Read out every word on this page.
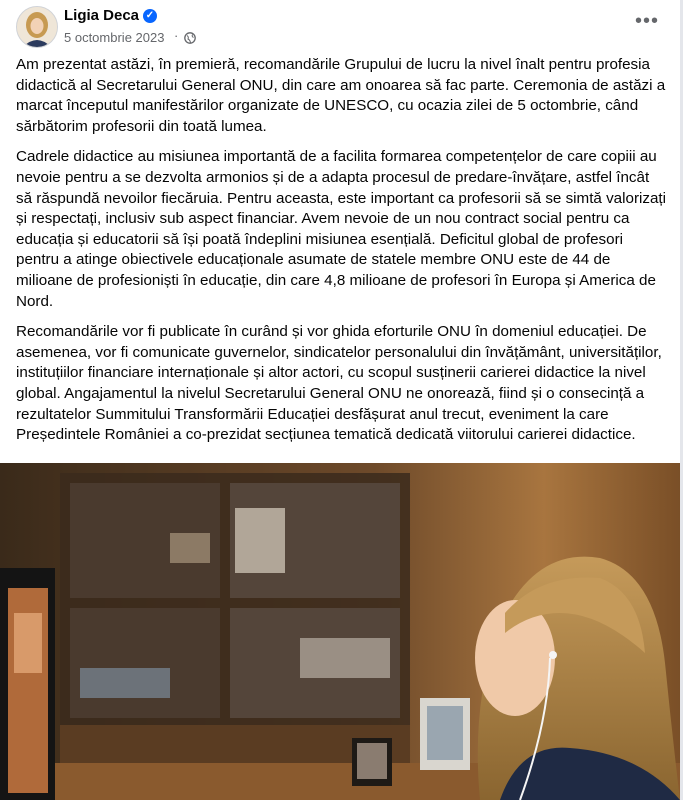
Ligia Deca ✓
5 octombrie 2023 ·
•••

Am prezentat astăzi, în premieră, recomandările Grupului de lucru la nivel înalt pentru profesia didactică al Secretarului General ONU, din care am onoarea să fac parte. Ceremonia de astăzi a marcat începutul manifestărilor organizate de UNESCO, cu ocazia zilei de 5 octombrie, când sărbătorim profesorii din toată lumea.

Cadrele didactice au misiunea importantă de a facilita formarea competențelor de care copiii au nevoie pentru a se dezvolta armonios și de a adapta procesul de predare-învățare, astfel încât să răspundă nevoilor fiecăruia. Pentru aceasta, este important ca profesorii să se simtă valorizați și respectați, inclusiv sub aspect financiar. Avem nevoie de un nou contract social pentru ca educația și educatorii să își poată îndeplini misiunea esențială. Deficitul global de profesori pentru a atinge obiectivele educaționale asumate de statele membre ONU este de 44 de milioane de profesioniști în educație, din care 4,8 milioane de profesori în Europa și America de Nord.

Recomandările vor fi publicate în curând și vor ghida eforturile ONU în domeniul educației. De asemenea, vor fi comunicate guvernelor, sindicatelor personalului din învățământ, universităților, instituțiilor financiare internaționale și altor actori, cu scopul susținerii carierei didactice la nivel global. Angajamentul la nivelul Secretarului General ONU ne onorează, fiind și o consecință a rezultatelor Summitului Transformării Educației desfășurat anul trecut, eveniment la care Președintele României a co-prezidat secțiunea tematică dedicată viitorului carierei didactice.
